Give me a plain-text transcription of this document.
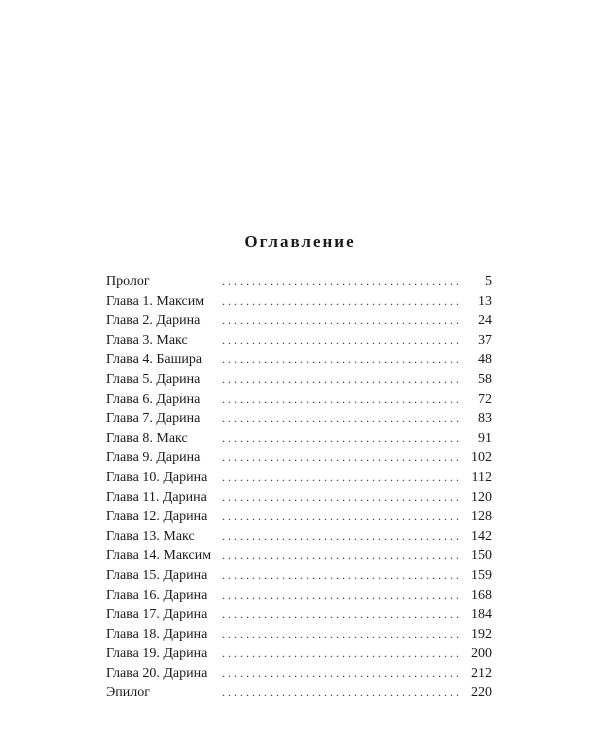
Оглавление
Пролог . . .	5
Глава 1. Максим . . .	13
Глава 2. Дарина . . .	24
Глава 3. Макс . . .	37
Глава 4. Башира . . .	48
Глава 5. Дарина . . .	58
Глава 6. Дарина . . .	72
Глава 7. Дарина . . .	83
Глава 8. Макс . . .	91
Глава 9. Дарина . . .	102
Глава 10. Дарина . . .	112
Глава 11. Дарина . . .	120
Глава 12. Дарина . . .	128
Глава 13. Макс . . .	142
Глава 14. Максим . . .	150
Глава 15. Дарина . . .	159
Глава 16. Дарина . . .	168
Глава 17. Дарина . . .	184
Глава 18. Дарина . . .	192
Глава 19. Дарина . . .	200
Глава 20. Дарина . . .	212
Эпилог . . .	220
